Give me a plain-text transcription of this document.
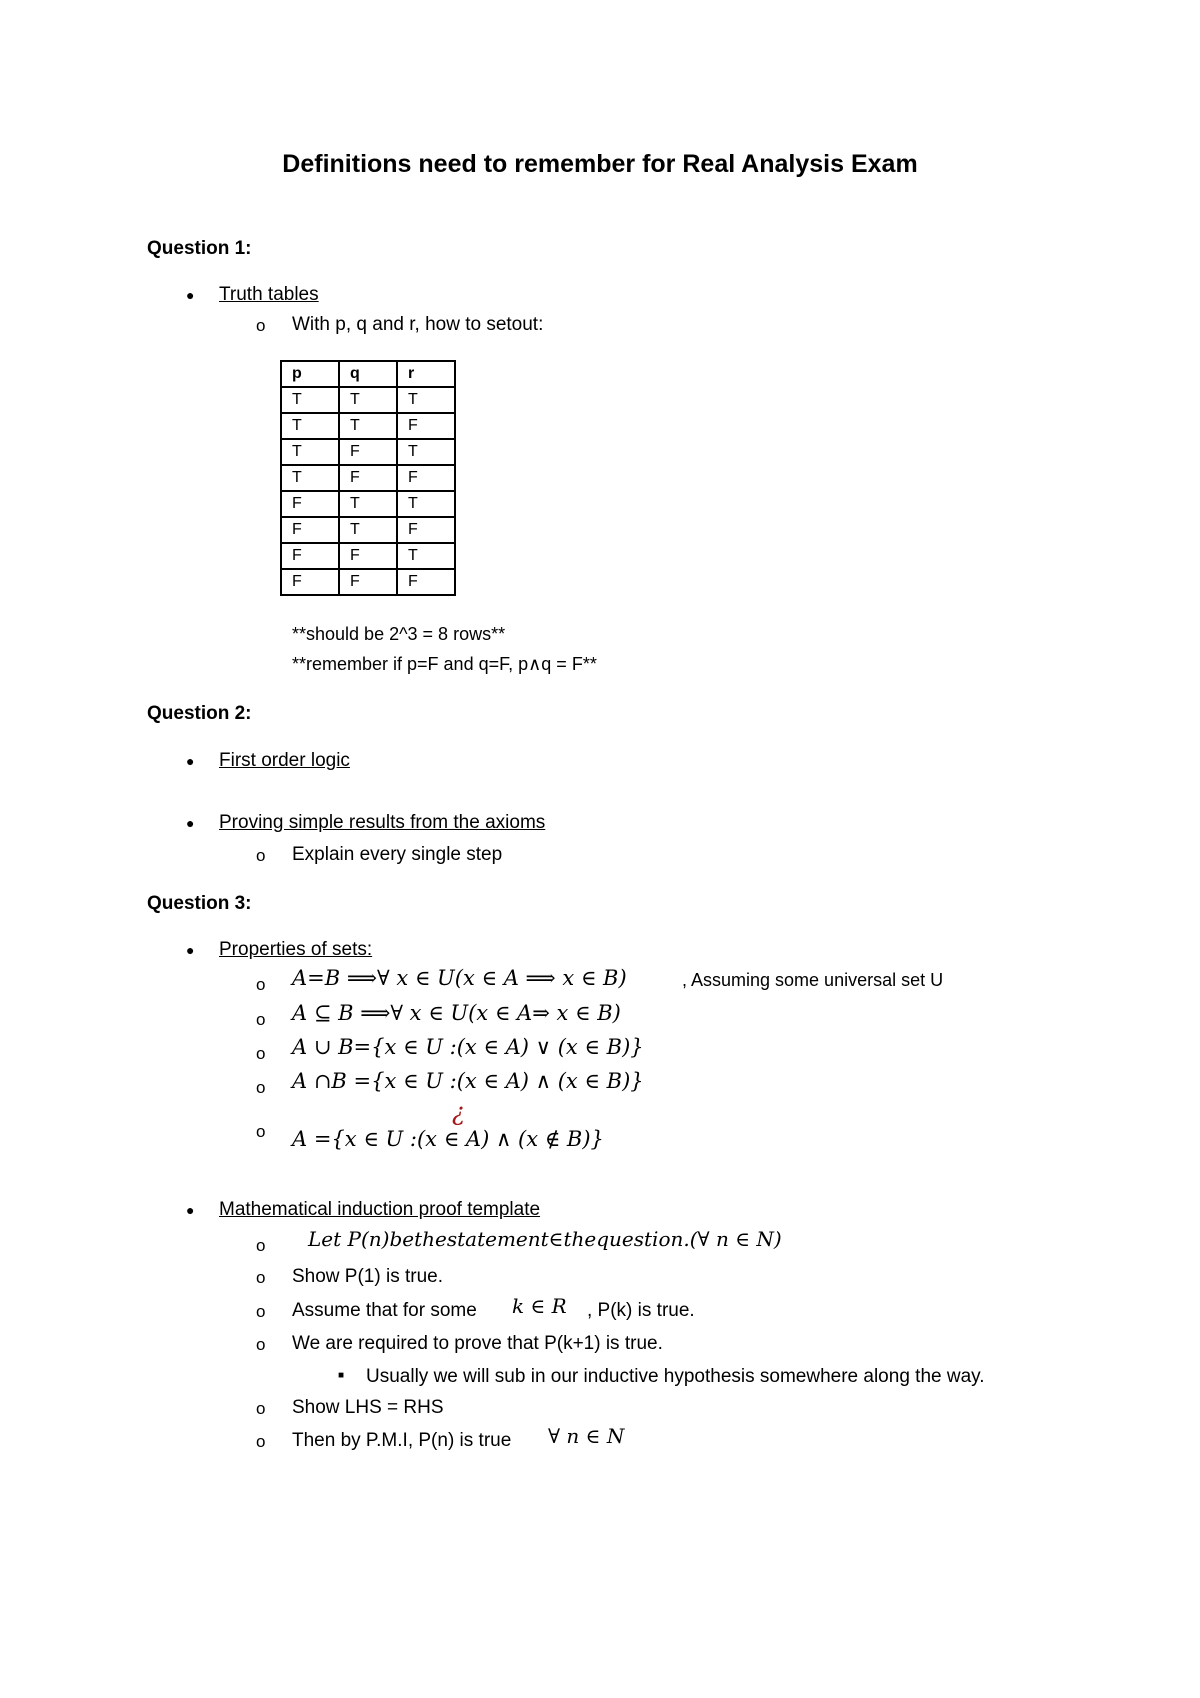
Definitions need to remember for Real Analysis Exam
Question 1:
● Truth tables
o With p, q and r, how to setout:
p	q	r
T	T	T
T	T	F
T	F	T
T	F	F
F	T	T
F	T	F
F	F	T
F	F	F
**should be 2^3 = 8 rows**
**remember if p=F and q=F, p∧q = F**
Question 2:
● First order logic
● Proving simple results from the axioms
o Explain every single step
Question 3:
● Properties of sets:
o A=B ⟹∀ x ∈ U(x ∈ A ⟹ x ∈ B)	, Assuming some universal set U
o A ⊆ B ⟹∀ x ∈ U(x ∈ A⇒ x ∈ B)
o A ∪ B={x ∈ U :(x ∈ A) ∨ (x ∈ B)}
o A ∩B ={x ∈ U :(x ∈ A) ∧ (x ∈ B)}
¿
o A ={x ∈ U :(x ∈ A) ∧ (x ∉ B)}
● Mathematical induction proof template
o Let P(n)bethestatement∈thequestion.(∀ n ∈ N)
o Show P(1) is true.
o Assume that for some k ∈ R , P(k) is true.
o We are required to prove that P(k+1) is true.
■ Usually we will sub in our inductive hypothesis somewhere along the way.
o Show LHS = RHS
o Then by P.M.I, P(n) is true ∀ n ∈ N
